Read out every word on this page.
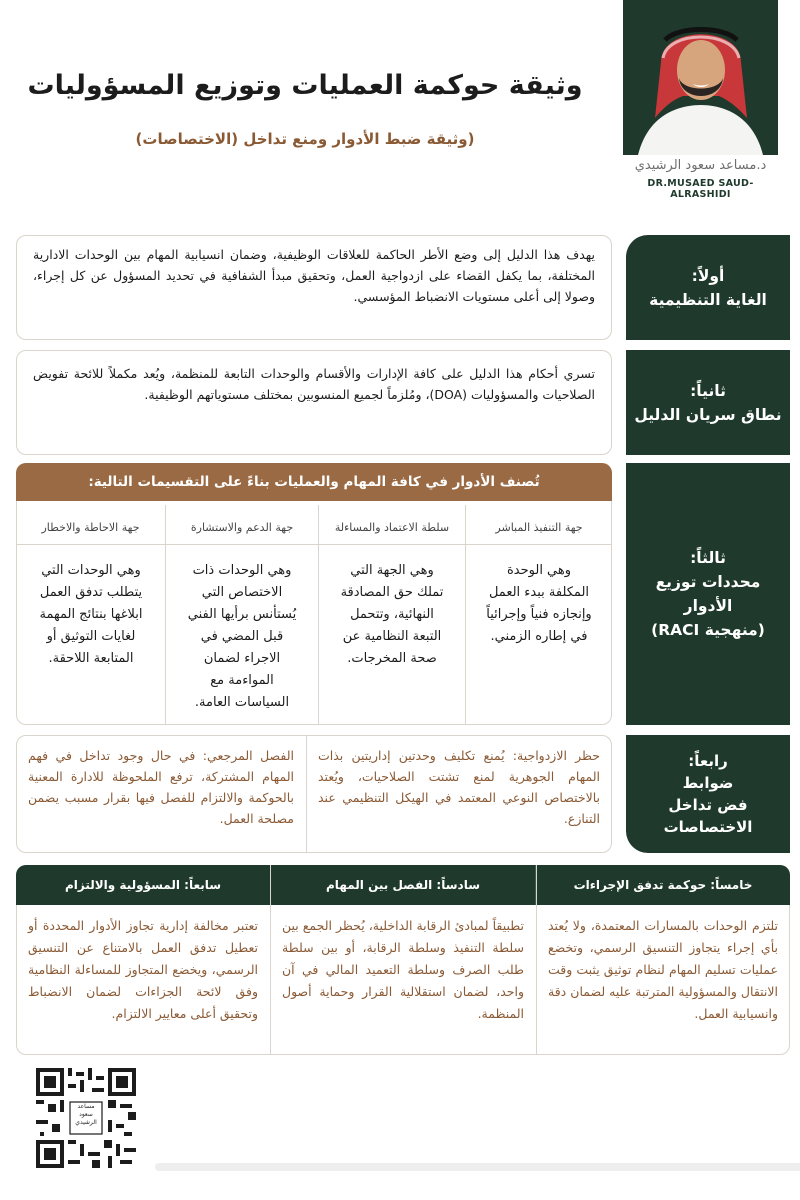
وثيقة حوكمة العمليات وتوزيع المسؤوليات
(وثيقة ضبط الأدوار ومنع تداخل (الاختصاصات)
د.مساعد سعود الرشيدي
DR.MUSAED SAUD-ALRASHIDI

يهدف هذا الدليل إلى وضع الأطر الحاكمة للعلاقات الوظيفية، وضمان انسيابية المهام بين الوحدات الادارية المختلفة، بما يكفل القضاء على ازدواجية العمل، وتحقيق مبدأ الشفافية في تحديد المسؤول عن كل إجراء، وصولا إلى أعلى مستويات الانضباط المؤسسي.

أولاً:
الغاية التنظيمية

تسري أحكام هذا الدليل على كافة الإدارات والأقسام والوحدات التابعة للمنظمة، ويُعد مكملاً للائحة تفويض الصلاحيات والمسؤوليات (DOA)، ومُلزماً لجميع المنسوبين بمختلف مستوياتهم الوظيفية.	ثانياً:
نطاق سريان الدليل
تُصنف الأدوار في كافة المهام والعمليات بناءً على التقسيمات التالية:
جهة التنفيذ المباشر
سلطة الاعتماد والمساءلة
جهة الدعم والاستشارة
جهة الاحاطة والاخطار
وهي الوحدة المكلفة ببدء العمل وإنجازه فنياً وإجرائياً في إطاره الزمني.
وهي الجهة التي تملك حق المصادقة النهائية، وتتحمل التبعة النظامية عن صحة المخرجات.
وهي الوحدات ذات الاختصاص التي يُستأنس برأيها الفني قبل المضي في الاجراء لضمان المواءمة مع السياسات العامة.
وهي الوحدات التي يتطلب تدفق العمل ابلاغها بنتائج المهمة لغايات التوثيق أو المتابعة اللاحقة.
ثالثاً:
محددات توزيع
الأدوار
(منهجية RACI)
حظر الازدواجية: يُمنع تكليف وحدتين إداريتين بذات المهام الجوهرية لمنع تشتت الصلاحيات، ويُعتد بالاختصاص النوعي المعتمد في الهيكل التنظيمي عند التنازع.
الفصل المرجعي: في حال وجود تداخل في فهم المهام المشتركة، ترفع الملحوظة للادارة المعنية بالحوكمة والالتزام للفصل فيها بقرار مسبب يضمن مصلحة العمل.
رابعاً:
ضوابط
فض تداخل
الاختصاصات
خامساً: حوكمة تدفق الإجراءات
سادساً: الفصل بين المهام
سابعاً: المسؤولية والالتزام
تلتزم الوحدات بالمسارات المعتمدة، ولا يُعتد بأي إجراء يتجاوز التنسيق الرسمي، وتخضع عمليات تسليم المهام لنظام توثيق يثبت وقت الانتقال والمسؤولية المترتبة عليه لضمان دقة وانسيابية العمل.
تطبيقاً لمبادئ الرقابة الداخلية، يُحظر الجمع بين سلطة التنفيذ وسلطة الرقابة، أو بين سلطة طلب الصرف وسلطة التعميد المالي في آن واحد، لضمان استقلالية القرار وحماية أصول المنظمة.
تعتبر مخالفة إدارية تجاوز الأدوار المحددة أو تعطيل تدفق العمل بالامتناع عن التنسيق الرسمي، ويخضع المتجاوز للمساءلة النظامية وفق لائحة الجزاءات لضمان الانضباط وتحقيق أعلى معايير الالتزام.
مساعد سعود الرشيدي
